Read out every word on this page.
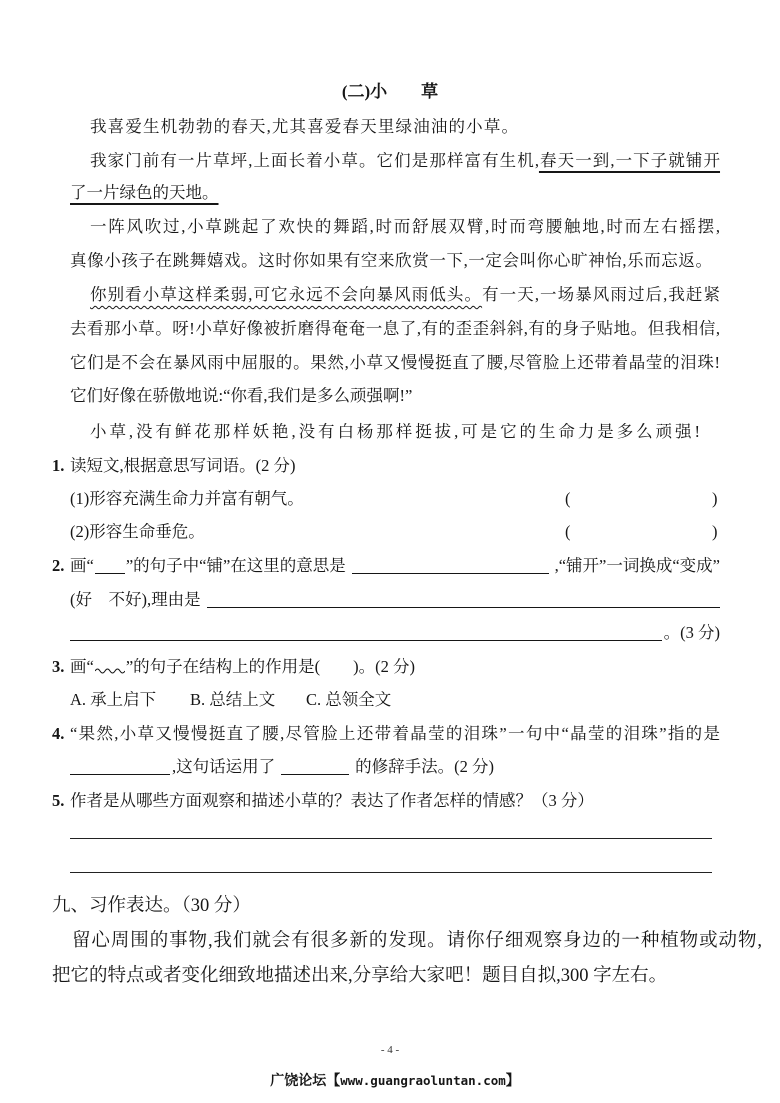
(二)小　　草
我喜爱生机勃勃的春天,尤其喜爱春天里绿油油的小草。
我家门前有一片草坪,上面长着小草。它们是那样富有生机,春天一到,一下子就铺开
了一片绿色的天地。
一阵风吹过,小草跳起了欢快的舞蹈,时而舒展双臂,时而弯腰触地,时而左右摇摆,
真像小孩子在跳舞嬉戏。这时你如果有空来欣赏一下,一定会叫你心旷神怡,乐而忘返。
你别看小草这样柔弱,可它永远不会向暴风雨低头。有一天,一场暴风雨过后,我赶紧
去看那小草。呀!小草好像被折磨得奄奄一息了,有的歪歪斜斜,有的身子贴地。但我相信,
它们是不会在暴风雨中屈服的。果然,小草又慢慢挺直了腰,尽管脸上还带着晶莹的泪珠!
它们好像在骄傲地说:“你看,我们是多么顽强啊!”
小草,没有鲜花那样妖艳,没有白杨那样挺拔,可是它的生命力是多么顽强!
1. 读短文,根据意思写词语。(2 分)
(1)形容充满生命力并富有朝气。	(	)
(2)形容生命垂危。	(	)
2. 画“ ”的句子中“铺”在这里的意思是	,“铺开”一词换成“变成”
(好　不好),理由是
。(3 分)
3. 画“ ”的句子在结构上的作用是(　　)。(2 分)
A. 承上启下 B. 总结上文 C. 总领全文
4. “果然,小草又慢慢挺直了腰,尽管脸上还带着晶莹的泪珠”一句中“晶莹的泪珠”指的是
,这句话运用了	的修辞手法。(2 分)
5. 作者是从哪些方面观察和描述小草的？表达了作者怎样的情感？（3 分）
九、习作表达。（30 分）
留心周围的事物,我们就会有很多新的发现。请你仔细观察身边的一种植物或动物,
把它的特点或者变化细致地描述出来,分享给大家吧！题目自拟,300 字左右。
- 4 -
广饶论坛【www.guangraoluntan.com】
